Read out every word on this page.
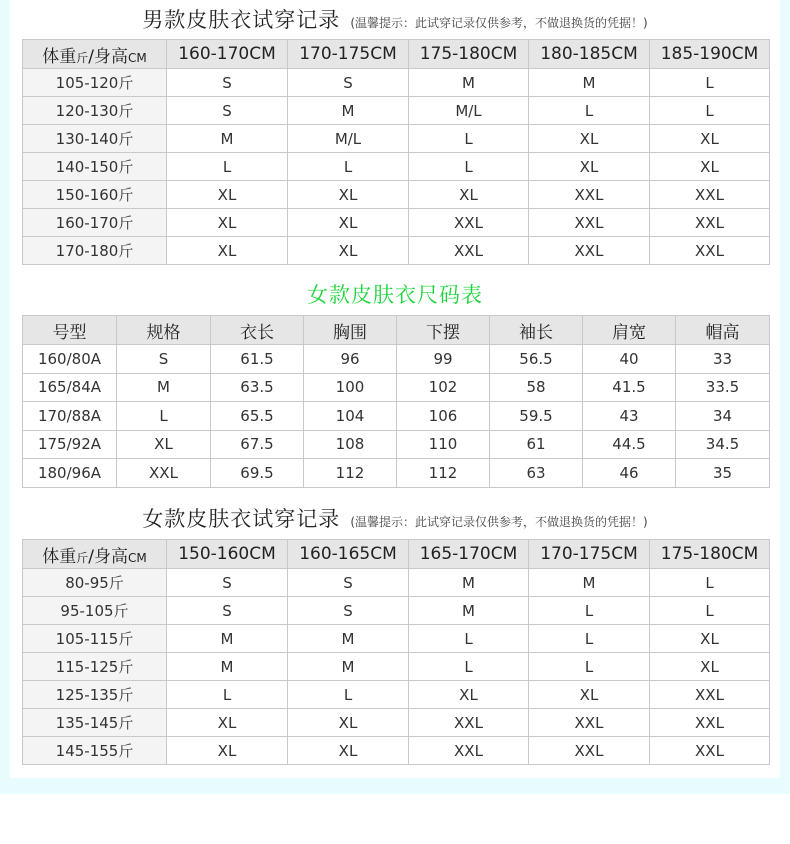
男款皮肤衣试穿记录 (温馨提示：此试穿记录仅供参考，不做退换货的凭据！)
体重斤/身高CM	160-170CM	170-175CM	175-180CM	180-185CM	185-190CM
105-120斤	S	S	M	M	L
120-130斤	S	M	M/L	L	L
130-140斤	M	M/L	L	XL	XL
140-150斤	L	L	L	XL	XL
150-160斤	XL	XL	XL	XXL	XXL
160-170斤	XL	XL	XXL	XXL	XXL
170-180斤	XL	XL	XXL	XXL	XXL
女款皮肤衣尺码表
号型	规格	衣长	胸围	下摆	袖长	肩宽	帽高
160/80A	S	61.5	96	99	56.5	40	33
165/84A	M	63.5	100	102	58	41.5	33.5
170/88A	L	65.5	104	106	59.5	43	34
175/92A	XL	67.5	108	110	61	44.5	34.5
180/96A	XXL	69.5	112	112	63	46	35
女款皮肤衣试穿记录 (温馨提示：此试穿记录仅供参考，不做退换货的凭据！)
体重斤/身高CM	150-160CM	160-165CM	165-170CM	170-175CM	175-180CM
80-95斤	S	S	M	M	L
95-105斤	S	S	M	L	L
105-115斤	M	M	L	L	XL
115-125斤	M	M	L	L	XL
125-135斤	L	L	XL	XL	XXL
135-145斤	XL	XL	XXL	XXL	XXL
145-155斤	XL	XL	XXL	XXL	XXL
